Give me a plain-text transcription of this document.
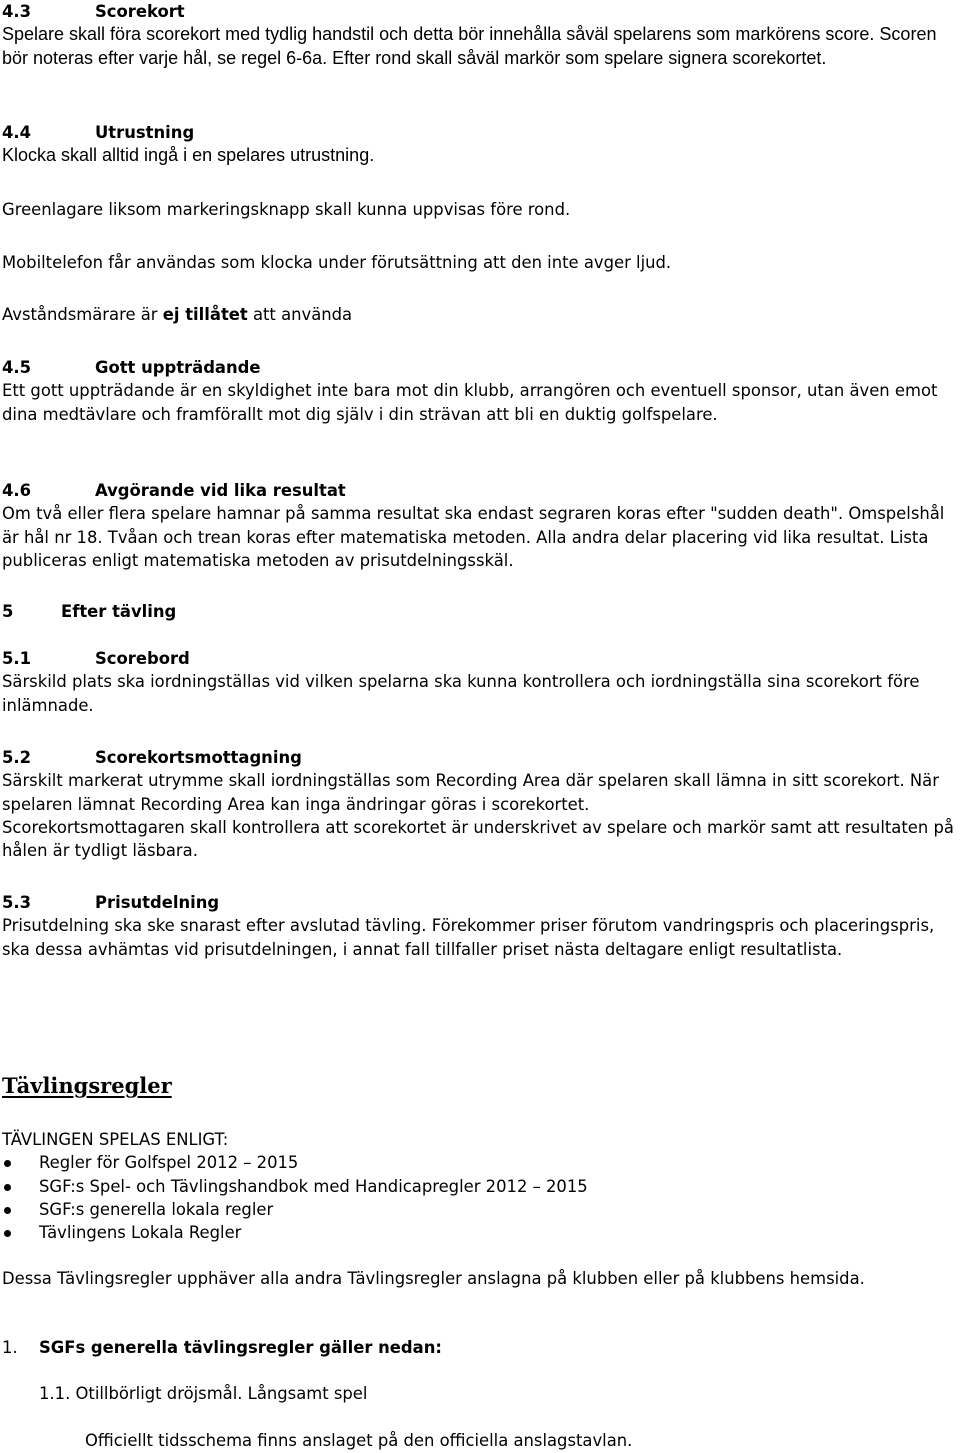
4.3	Scorekort

Spelare skall föra scorekort med tydlig handstil och detta bör innehålla såväl spelarens som markörens score. Scoren bör noteras efter varje hål, se regel 6-6a. Efter rond skall såväl markör som spelare signera scorekortet.

4.4	Utrustning

Klocka skall alltid ingå i en spelares utrustning.

Greenlagare liksom markeringsknapp skall kunna uppvisas före rond.

Mobiltelefon får användas som klocka under förutsättning att den inte avger ljud.

Avståndsmärare är ej tillåtet att använda

4.5	Gott uppträdande

Ett gott uppträdande är en skyldighet inte bara mot din klubb, arrangören och eventuell sponsor, utan även emot dina medtävlare och framförallt mot dig själv i din strävan att bli en duktig golfspelare.

4.6	Avgörande vid lika resultat

Om två eller flera spelare hamnar på samma resultat ska endast segraren koras efter "sudden death". Omspelshål är hål nr 18. Tvåan och trean koras efter matematiska metoden. Alla andra delar placering vid lika resultat. Lista publiceras enligt matematiska metoden av prisutdelningsskäl.

5	Efter tävling
5.1	Scorebord

Särskild plats ska iordningställas vid vilken spelarna ska kunna kontrollera och iordningställa sina scorekort före inlämnade.

5.2	Scorekortsmottagning

Särskilt markerat utrymme skall iordningställas som Recording Area där spelaren skall lämna in sitt scorekort. När spelaren lämnat Recording Area kan inga ändringar göras i scorekortet.

Scorekortsmottagaren skall kontrollera att scorekortet är underskrivet av spelare och markör samt att resultaten på hålen är tydligt läsbara.

5.3	Prisutdelning

Prisutdelning ska ske snarast efter avslutad tävling. Förekommer priser förutom vandringspris och placeringspris, ska dessa avhämtas vid prisutdelningen, i annat fall tillfaller priset nästa deltagare enligt resultatlista.

Tävlingsregler

TÄVLINGEN SPELAS ENLIGT:

Regler för Golfspel 2012 – 2015
SGF:s Spel- och Tävlingshandbok med Handicapregler 2012 – 2015
SGF:s generella lokala regler
Tävlingens Lokala Regler

Dessa Tävlingsregler upphäver alla andra Tävlingsregler anslagna på klubben eller på klubbens hemsida.

1. SGFs generella tävlingsregler gäller nedan:

1.1. Otillbörligt dröjsmål. Långsamt spel

Officiellt tidsschema finns anslaget på den officiella anslagstavlan.
